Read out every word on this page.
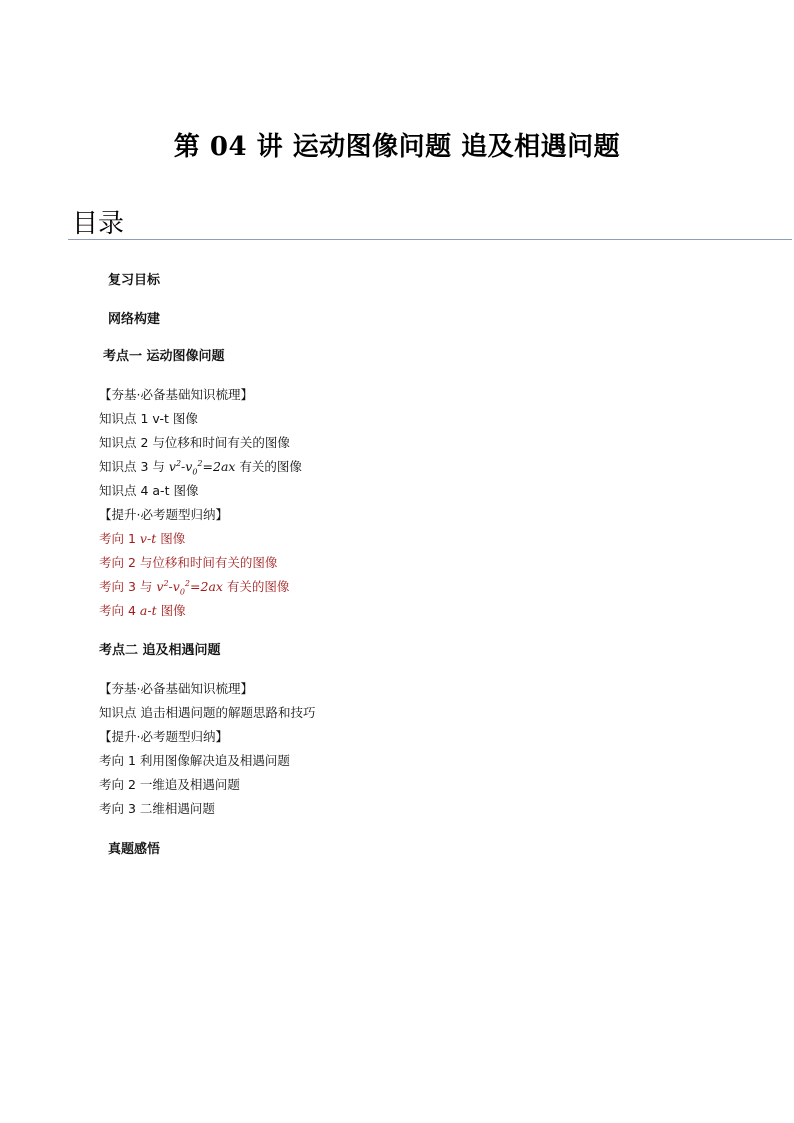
第 04 讲 运动图像问题 追及相遇问题
目录
复习目标
网络构建
考点一 运动图像问题
【夯基·必备基础知识梳理】
知识点 1 v-t 图像
知识点 2 与位移和时间有关的图像
知识点 3 与 $v^2-v_0^2=2ax$ 有关的图像
知识点 4 a-t 图像
【提升·必考题型归纳】
考向 1 v-t 图像
考向 2 与位移和时间有关的图像
考向 3 与 $v^2-v_0^2=2ax$ 有关的图像
考向 4 a-t 图像
考点二 追及相遇问题
【夯基·必备基础知识梳理】
知识点 追击相遇问题的解题思路和技巧
【提升·必考题型归纳】
考向 1 利用图像解决追及相遇问题
考向 2 一维追及相遇问题
考向 3 二维相遇问题
真题感悟
